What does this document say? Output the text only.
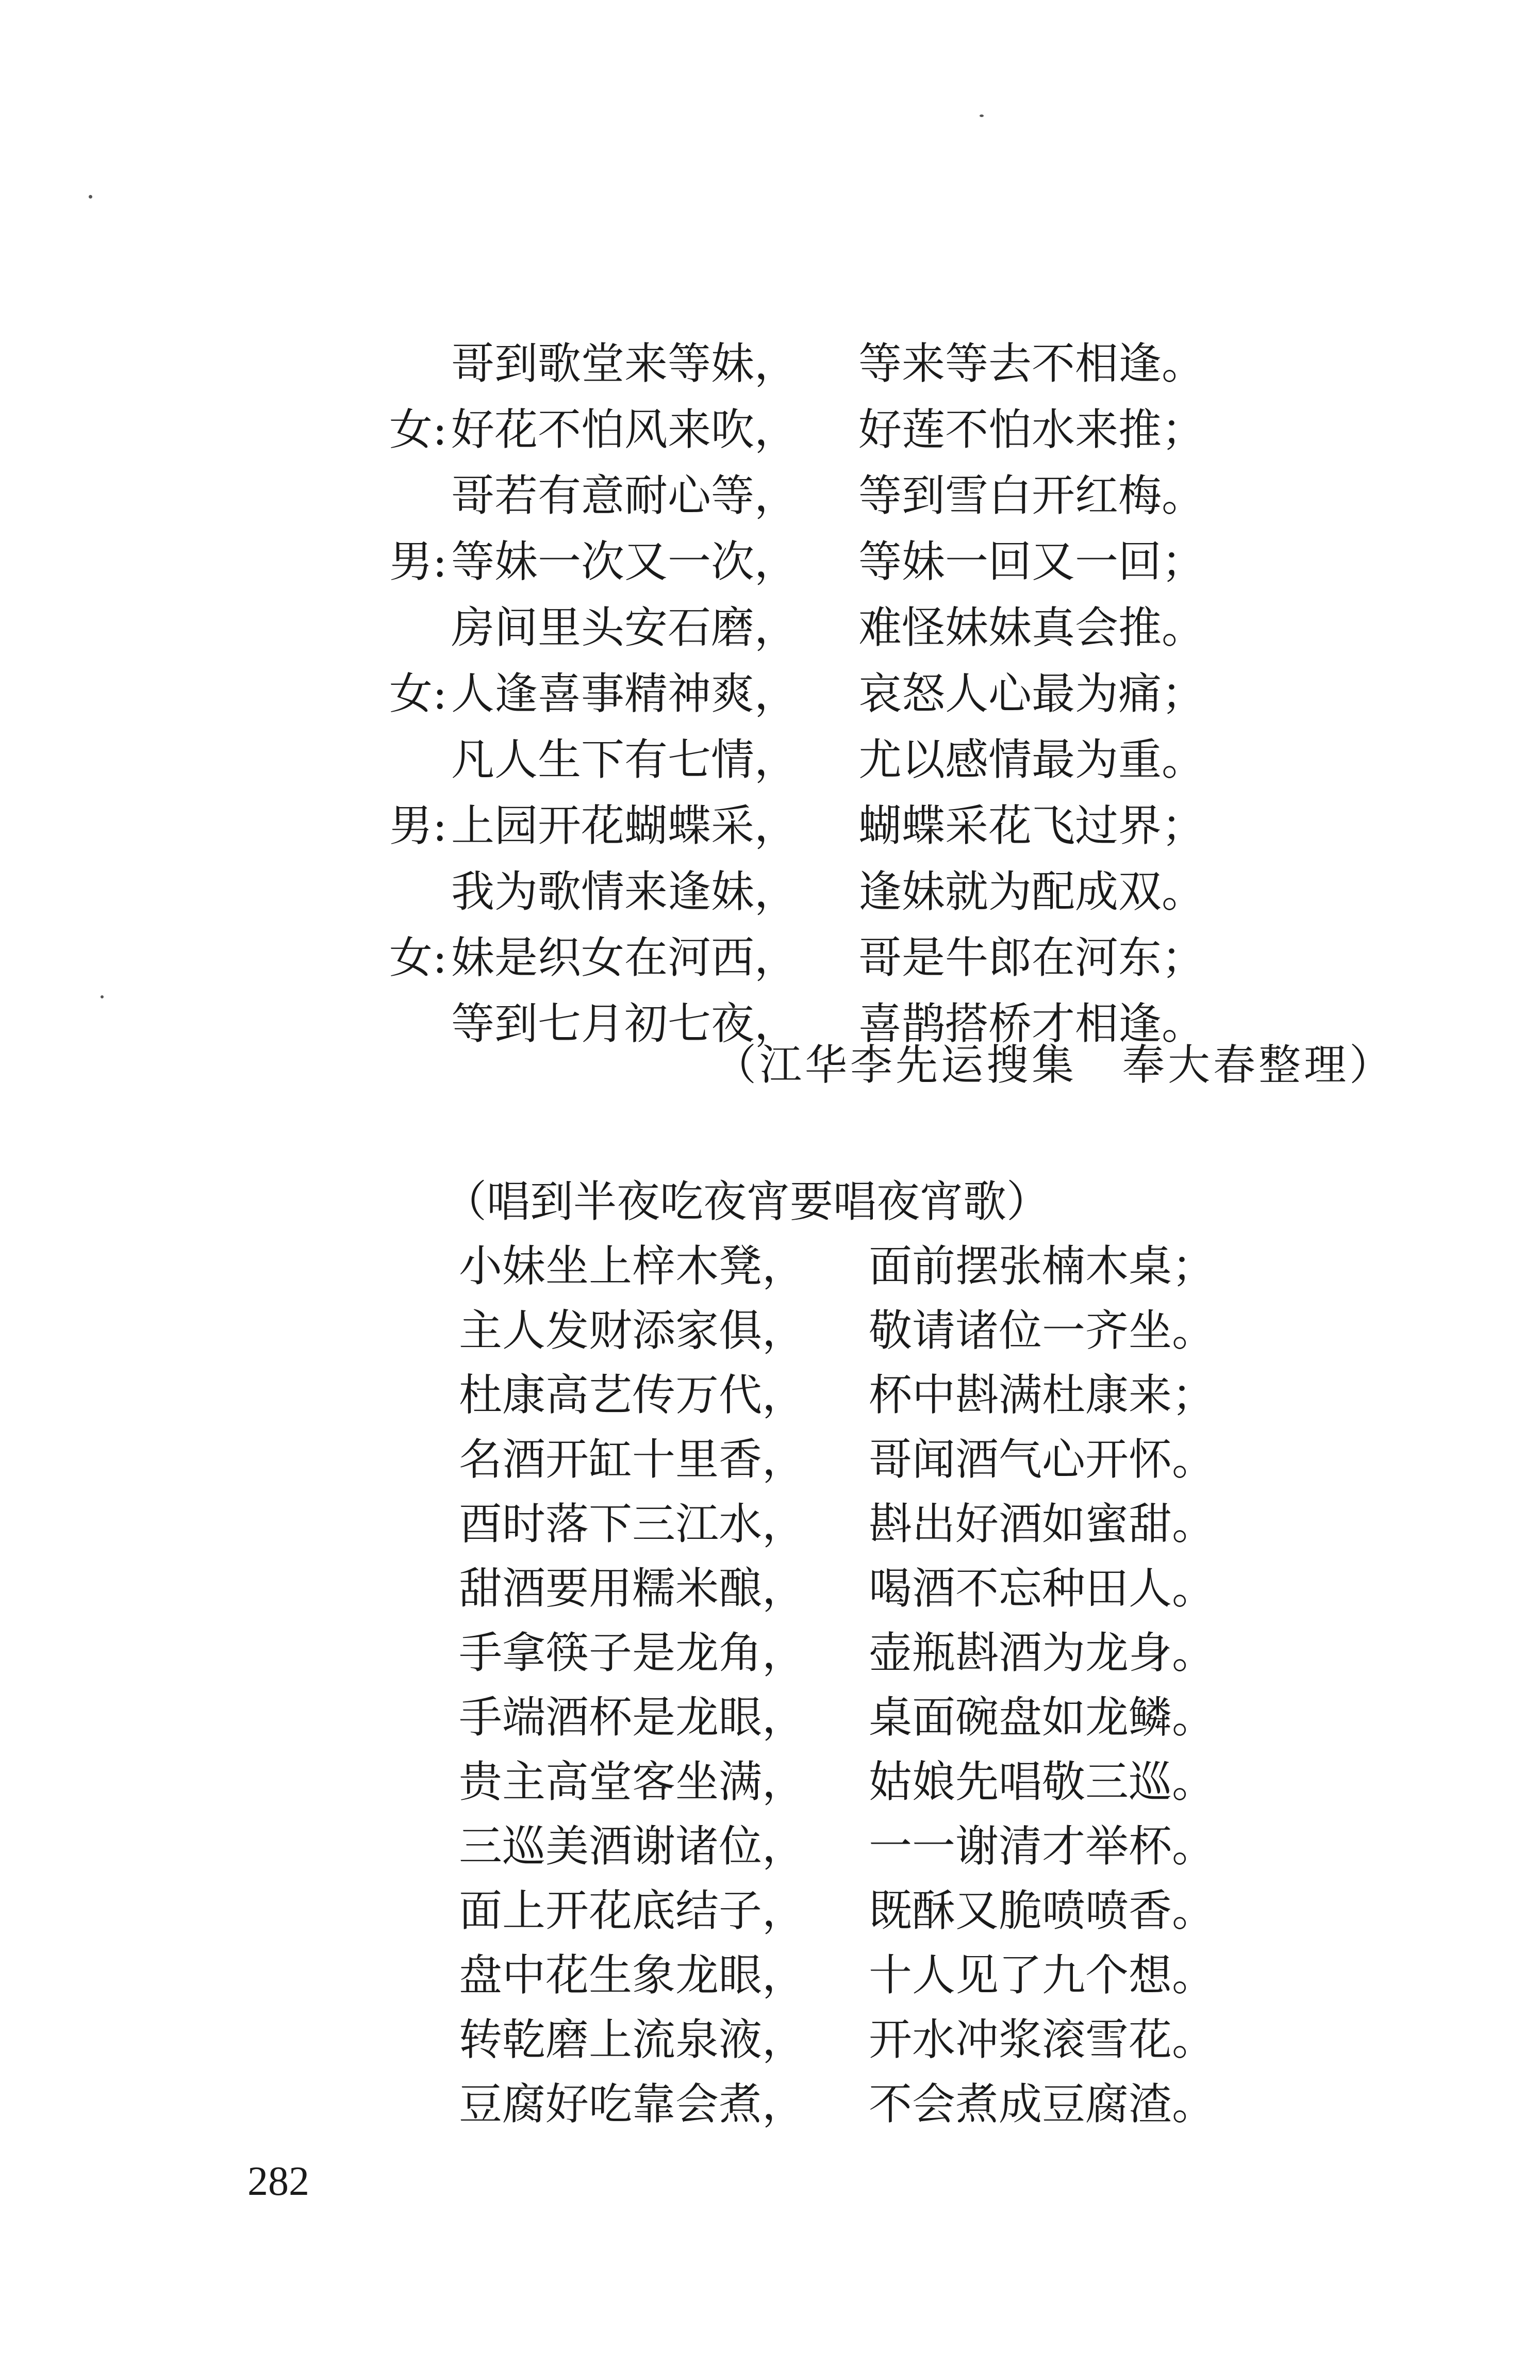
哥到歌堂来等妹， 等来等去不相逢。
女: 好花不怕风来吹， 好莲不怕水来推；
哥若有意耐心等， 等到雪白开红梅。
男: 等妹一次又一次， 等妹一回又一回；
房间里头安石磨， 难怪妹妹真会推。
女: 人逢喜事精神爽， 哀怒人心最为痛；
凡人生下有七情， 尤以感情最为重。
男: 上园开花蝴蝶采， 蝴蝶采花飞过界；
我为歌情来逢妹， 逢妹就为配成双。
女: 妹是织女在河西， 哥是牛郎在河东；
等到七月初七夜， 喜鹊搭桥才相逢。
（江华李先运搜集　奉大春整理）
（唱到半夜吃夜宵要唱夜宵歌）
小妹坐上梓木凳， 面前摆张楠木桌；
主人发财添家俱， 敬请诸位一齐坐。
杜康高艺传万代， 杯中斟满杜康来；
名酒开缸十里香， 哥闻酒气心开怀。
酉时落下三江水， 斟出好酒如蜜甜。
甜酒要用糯米酿， 喝酒不忘种田人。
手拿筷子是龙角， 壶瓶斟酒为龙身。
手端酒杯是龙眼， 桌面碗盘如龙鳞。
贵主高堂客坐满， 姑娘先唱敬三巡。
三巡美酒谢诸位， 一一谢清才举杯。
面上开花底结子， 既酥又脆喷喷香。
盘中花生象龙眼， 十人见了九个想。
转乾磨上流泉液， 开水冲浆滚雪花。
豆腐好吃靠会煮， 不会煮成豆腐渣。
282
